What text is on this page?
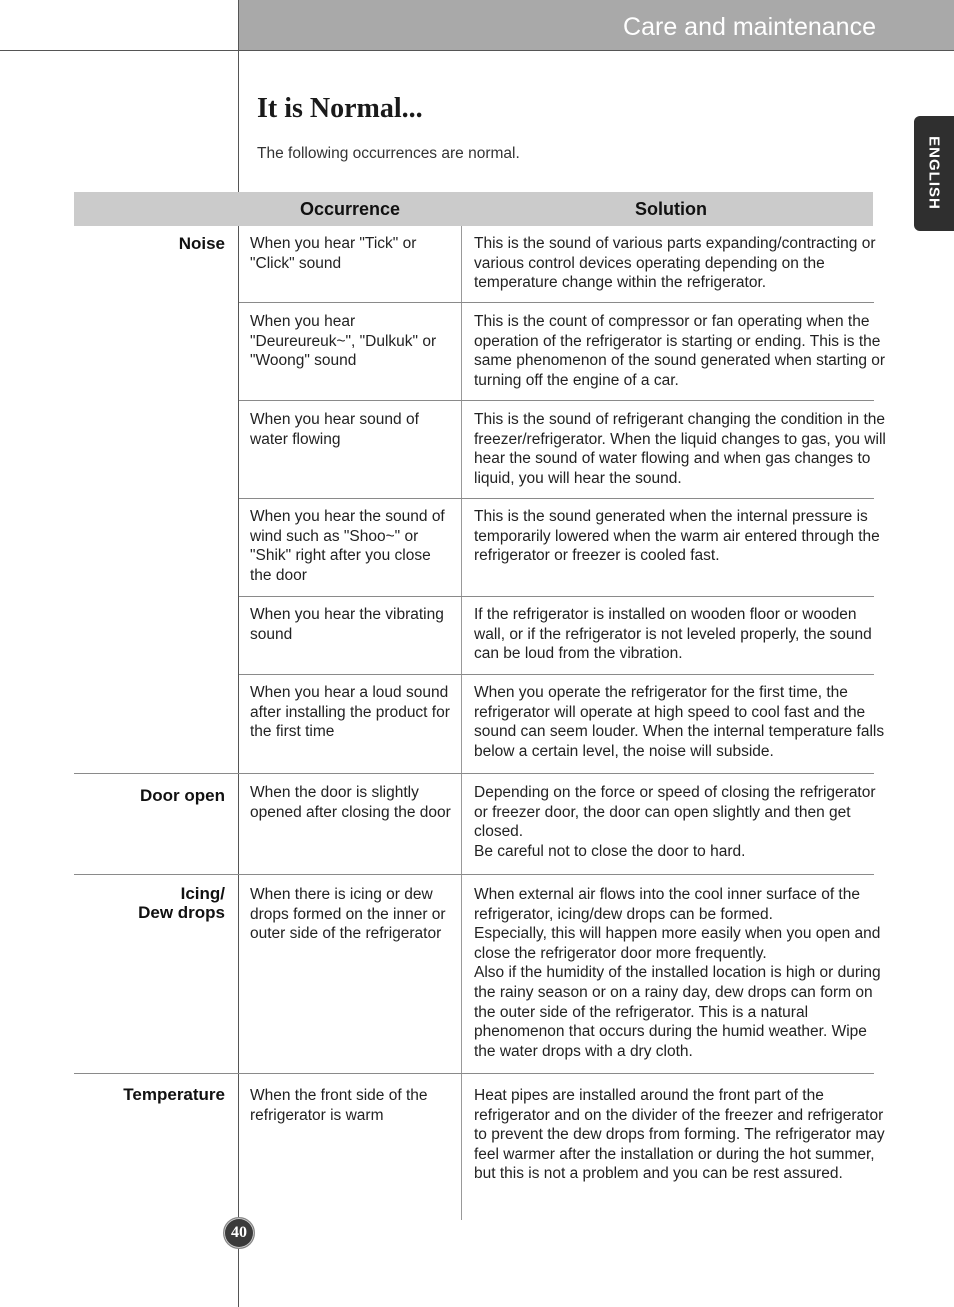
Care and maintenance
ENGLISH
It is Normal...

The following occurrences are normal.

Occurrence	Solution
Noise
Door open
Icing/
Dew drops
Temperature
When you hear "Tick" or "Click" sound
This is the sound of various parts expanding/contracting or various control devices operating depending on the temperature change within the refrigerator.
When you hear "Deureureuk~", "Dulkuk" or "Woong" sound
This is the count of compressor or fan operating when the operation of the refrigerator is starting or ending. This is the same phenomenon of the sound generated when starting or turning off the engine of a car.
When you hear sound of water flowing
This is the sound of refrigerant changing the condition in the freezer/refrigerator. When the liquid changes to gas, you will hear the sound of water flowing and when gas changes to liquid, you will hear the sound.
When you hear the sound of wind such as "Shoo~" or "Shik" right after you close the door
This is the sound generated when the internal pressure is temporarily lowered when the warm air entered through the refrigerator or freezer is cooled fast.
When you hear the vibrating sound
If the refrigerator is installed on wooden floor or wooden wall, or if the refrigerator is not leveled properly, the sound can be loud from the vibration.
When you hear a loud sound after installing the product for the first time
When you operate the refrigerator for the first time, the refrigerator will operate at high speed to cool fast and the sound can seem louder. When the internal temperature falls below a certain level, the noise will subside.
When the door is slightly opened after closing the door
Depending on the force or speed of closing the refrigerator or freezer door, the door can open slightly and then get closed.
Be careful not to close the door to hard.
When there is icing or dew drops formed on the inner or outer side of the refrigerator
When external air flows into the cool inner surface of the refrigerator, icing/dew drops can be formed.
Especially, this will happen more easily when you open and close the refrigerator door more frequently.
Also if the humidity of the installed location is high or during the rainy season or on a rainy day, dew drops can form on the outer side of the refrigerator. This is a natural phenomenon that occurs during the humid weather. Wipe the water drops with a dry cloth.
When the front side of the refrigerator is warm
Heat pipes are installed around the front part of the refrigerator and on the divider of the freezer and refrigerator to prevent the dew drops from forming. The refrigerator may feel warmer after the installation or during the hot summer, but this is not a problem and you can be rest assured.
40
